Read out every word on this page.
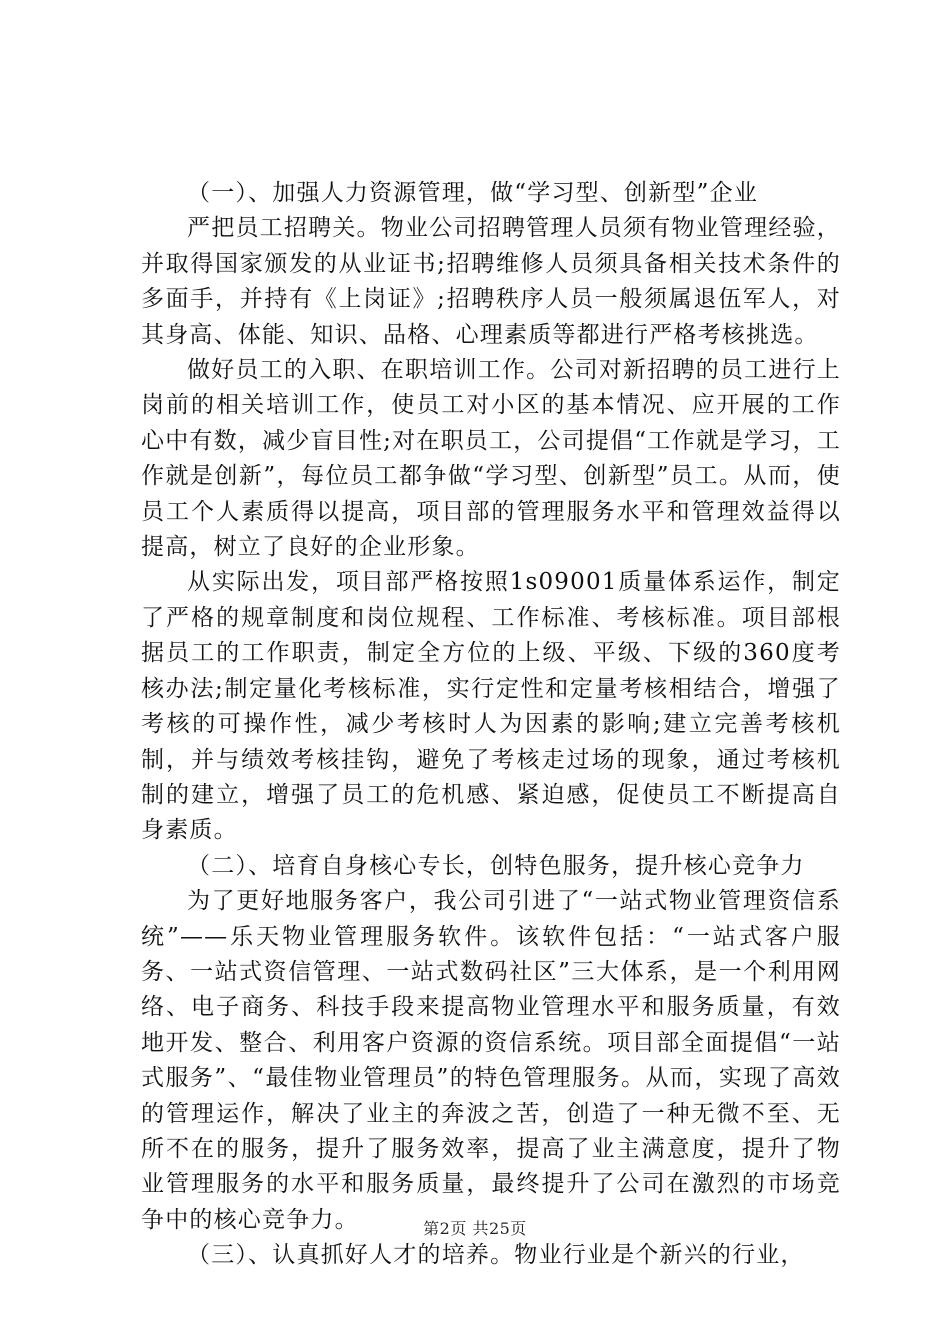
（一）、加强人力资源管理，做“学习型、创新型”企业

严把员工招聘关。物业公司招聘管理人员须有物业管理经验，并取得国家颁发的从业证书;招聘维修人员须具备相关技术条件的多面手，并持有《上岗证》;招聘秩序人员一般须属退伍军人，对其身高、体能、知识、品格、心理素质等都进行严格考核挑选。

做好员工的入职、在职培训工作。公司对新招聘的员工进行上岗前的相关培训工作，使员工对小区的基本情况、应开展的工作心中有数，减少盲目性;对在职员工，公司提倡“工作就是学习，工作就是创新”，每位员工都争做“学习型、创新型”员工。从而，使员工个人素质得以提高，项目部的管理服务水平和管理效益得以提高，树立了良好的企业形象。

从实际出发，项目部严格按照1s09001质量体系运作，制定了严格的规章制度和岗位规程、工作标准、考核标准。项目部根据员工的工作职责，制定全方位的上级、平级、下级的360度考核办法;制定量化考核标准，实行定性和定量考核相结合，增强了考核的可操作性，减少考核时人为因素的影响;建立完善考核机制，并与绩效考核挂钩，避免了考核走过场的现象，通过考核机制的建立，增强了员工的危机感、紧迫感，促使员工不断提高自身素质。

（二）、培育自身核心专长，创特色服务，提升核心竞争力

为了更好地服务客户，我公司引进了“一站式物业管理资信系统”——乐天物业管理服务软件。该软件包括：“一站式客户服务、一站式资信管理、一站式数码社区”三大体系，是一个利用网络、电子商务、科技手段来提高物业管理水平和服务质量，有效地开发、整合、利用客户资源的资信系统。项目部全面提倡“一站式服务”、“最佳物业管理员”的特色管理服务。从而，实现了高效的管理运作，解决了业主的奔波之苦，创造了一种无微不至、无所不在的服务，提升了服务效率，提高了业主满意度，提升了物业管理服务的水平和服务质量，最终提升了公司在激烈的市场竞争中的核心竞争力。

（三）、认真抓好人才的培养。物业行业是个新兴的行业，

第2页 共25页
